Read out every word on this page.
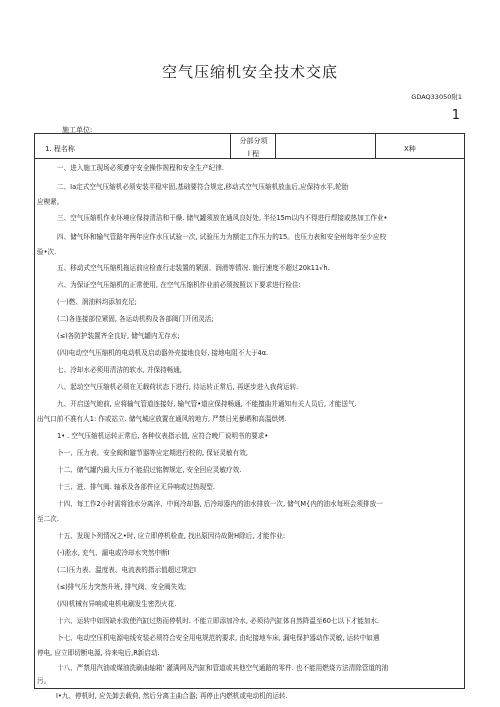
空气压缩机安全技术交底
GDAQ33050附1
1
施工单位:
1. 程名称
分部分项
l 程
X种
一、进入施工现场必须遵守安全操作规程和安全生产纪律.
二、Ia定式空气压缩机必须安装平稳牢固,基础要符合规定,移动式空气压缩机放血后,应保持水平,轮胎
应楔紧。
三、空气压缩机作业环境应保持清洁和干燥. 储气罐须放在通风良好处, 半径15m以内不得进行焊接或热加工作业•
四、储气环和输气管路年两年应作水压试验一次, 试验压力为额定工作压力的15。也压力表和安全州每年至少应校
验•次.
五、移动式空气压缩机拖运前应检查行走装置的紧固、润滑等情况. 施行速度不超过20k11√h.
六、为保证空气压缩机的正常使用, 在空气压缩机作业前必须按照以下要求进行检住:
(一)燃、润油料均添加充足;
(二)各连接部位紧固, 各运动机构及各部阀门开闭灵活;
(≤)各防护装置齐全良好, 储气罐内无存水;
(四)电动空气压缩机的电动机及启动器外壳接地良好, 接地电阻不大于4α.
七、冷却水必须用清洁的软水, 并保持畅通,
八、起动空气压缩机必须在无载荷状态下进行, 待运转正常后, 再逐步进入我荷运转.
九、开启送气她前, 应将输气管道连接好, 输气管•道应保持畅通, 不能擅曲并通知有关人员后, 才能送气.
出气口前不准有人1: 作或站立. 储气城应放置在通风的地方, 严禁日光暴晒和高温烘烤.
1• . 空气压缩机运转正常后, 各种仪表指示值, 应符合晚厂说明书的要求•
卜一、压力表、安全阀和避节器等应定期进行校的, 保证灵敏有效,
十二、储气罐内最大压力不能招过铭牌规定, 安全回应灵敏疗效.
十三、进、排气阀. 轴承及各部件应无异响或过热现型.
十四、每工作2小时需将油水分离淬、中间冷却器, 后冷却器内的油水排放一次, 储气M{内的油水每班会须排放一
至二次.
十五、发现卜列情况之•时, 应立即停机检查, 找出原因待故附H除后, 才能作业:
(-)淞水, 充气、漏电或冷却水突然中断I
(二)压力表、温度表、电流表的指示值超过规定I
(≤)排气压力突然升班, 排气阀、安全阀失效;
(四)机械有异响或电机电刷发生密烈火花.
十六、运转中如因缺水致使汽缸过热而停机时. 不能立即添加冷水, 必须待汽缸体自然降温至60七以下才能加水.
卜七、电动空压机电源电线安装必须符合安全用电规范的要求, 由纪接地车床, 漏电保护器动作灵敏, 运转中如遇
停电, 应立即切断电源, 待来电后,R新启动.
十八、严禁用汽油或煤油洗刷曲轴箱' 灌满网及汽缸和管道或其他空气通路的零件. 也不能用燃烧方法清除管道的油
污。
I•九、停机时, 应先卸去载荷, 然后分离主曲合器; 再停止内燃机或电动机的运转.
